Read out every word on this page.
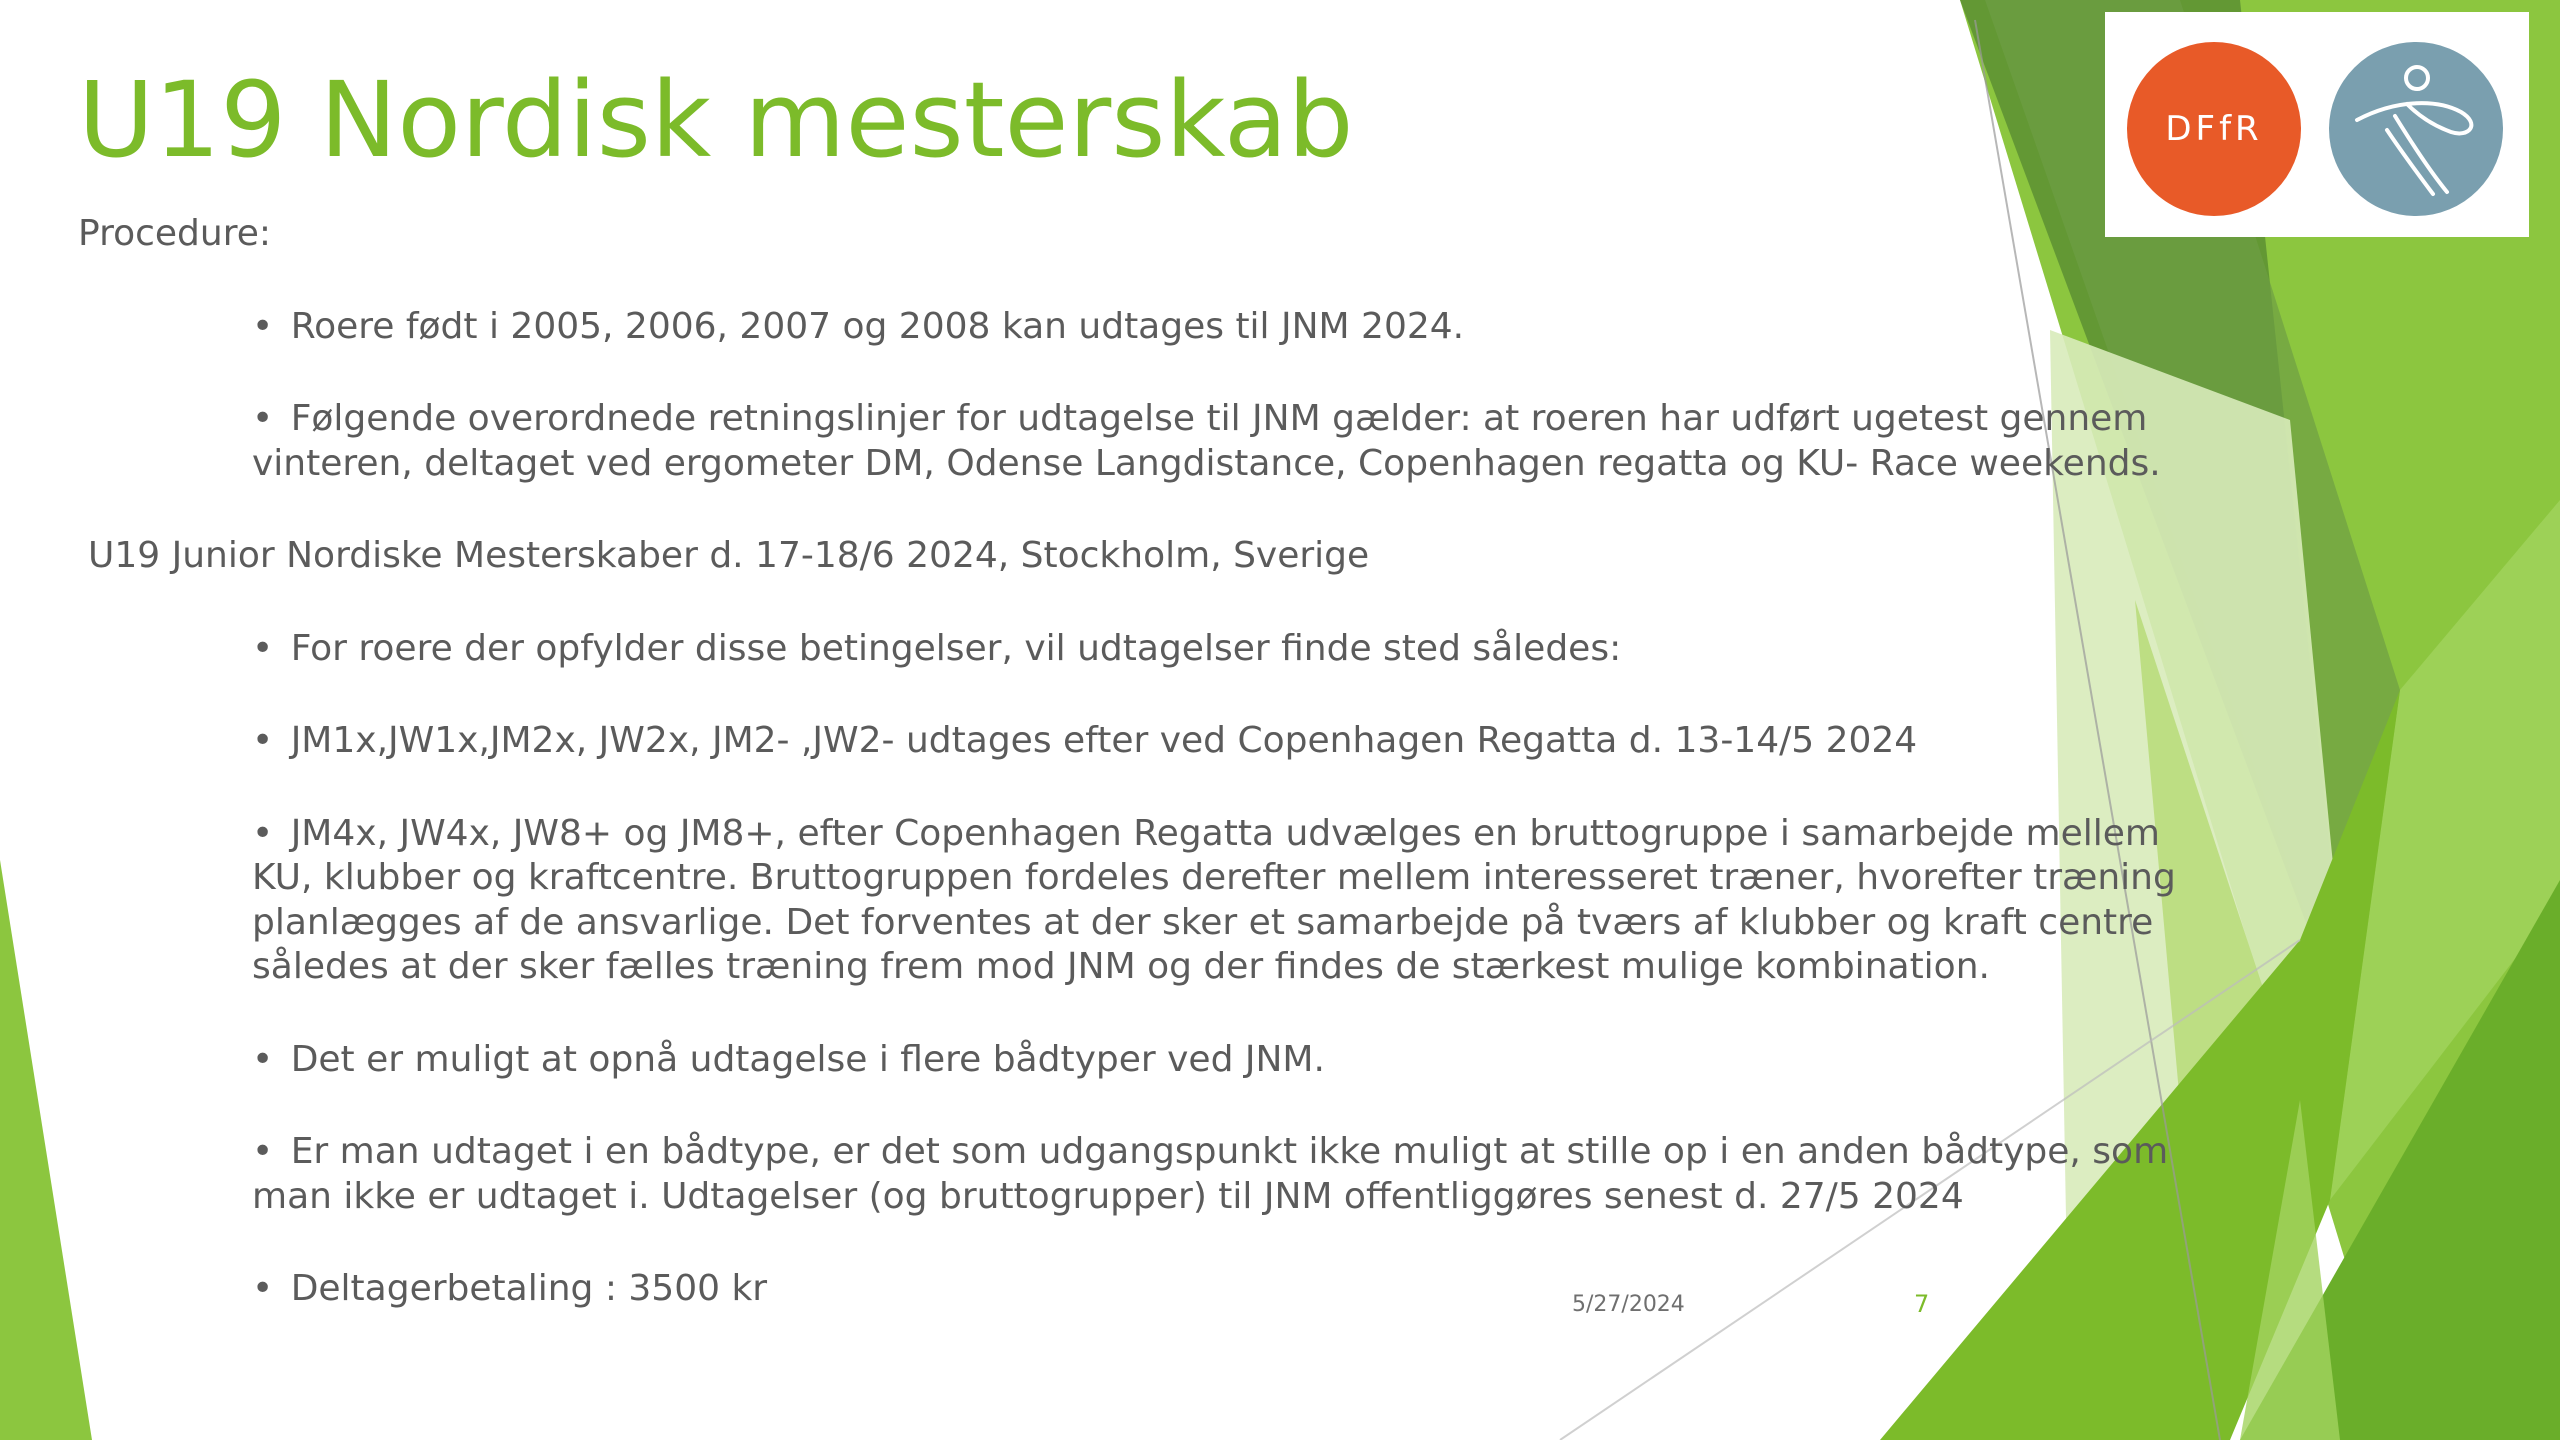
U19 Nordisk mesterskab

Procedure:

• Roere født i 2005, 2006, 2007 og 2008 kan udtages til JNM 2024.

• Følgende overordnede retningslinjer for udtagelse til JNM gælder: at roeren har udført ugetest gennem vinteren, deltaget ved ergometer DM, Odense Langdistance, Copenhagen regatta og KU- Race weekends.

U19 Junior Nordiske Mesterskaber d. 17-18/6 2024, Stockholm, Sverige

• For roere der opfylder disse betingelser, vil udtagelser finde sted således:

• JM1x,JW1x,JM2x, JW2x, JM2- ,JW2- udtages efter ved Copenhagen Regatta d. 13-14/5 2024

• JM4x, JW4x, JW8+ og JM8+, efter Copenhagen Regatta udvælges en bruttogruppe i samarbejde mellem KU, klubber og kraftcentre. Bruttogruppen fordeles derefter mellem interesseret træner, hvorefter træning planlægges af de ansvarlige. Det forventes at der sker et samarbejde på tværs af klubber og kraft centre således at der sker fælles træning frem mod JNM og der findes de stærkest mulige kombination.

• Det er muligt at opnå udtagelse i flere bådtyper ved JNM.

• Er man udtaget i en bådtype, er det som udgangspunkt ikke muligt at stille op i en anden bådtype, som man ikke er udtaget i. Udtagelser (og bruttogrupper) til JNM offentliggøres senest d. 27/5 2024

• Deltagerbetaling : 3500 kr	5/27/2024	7
DFfR
